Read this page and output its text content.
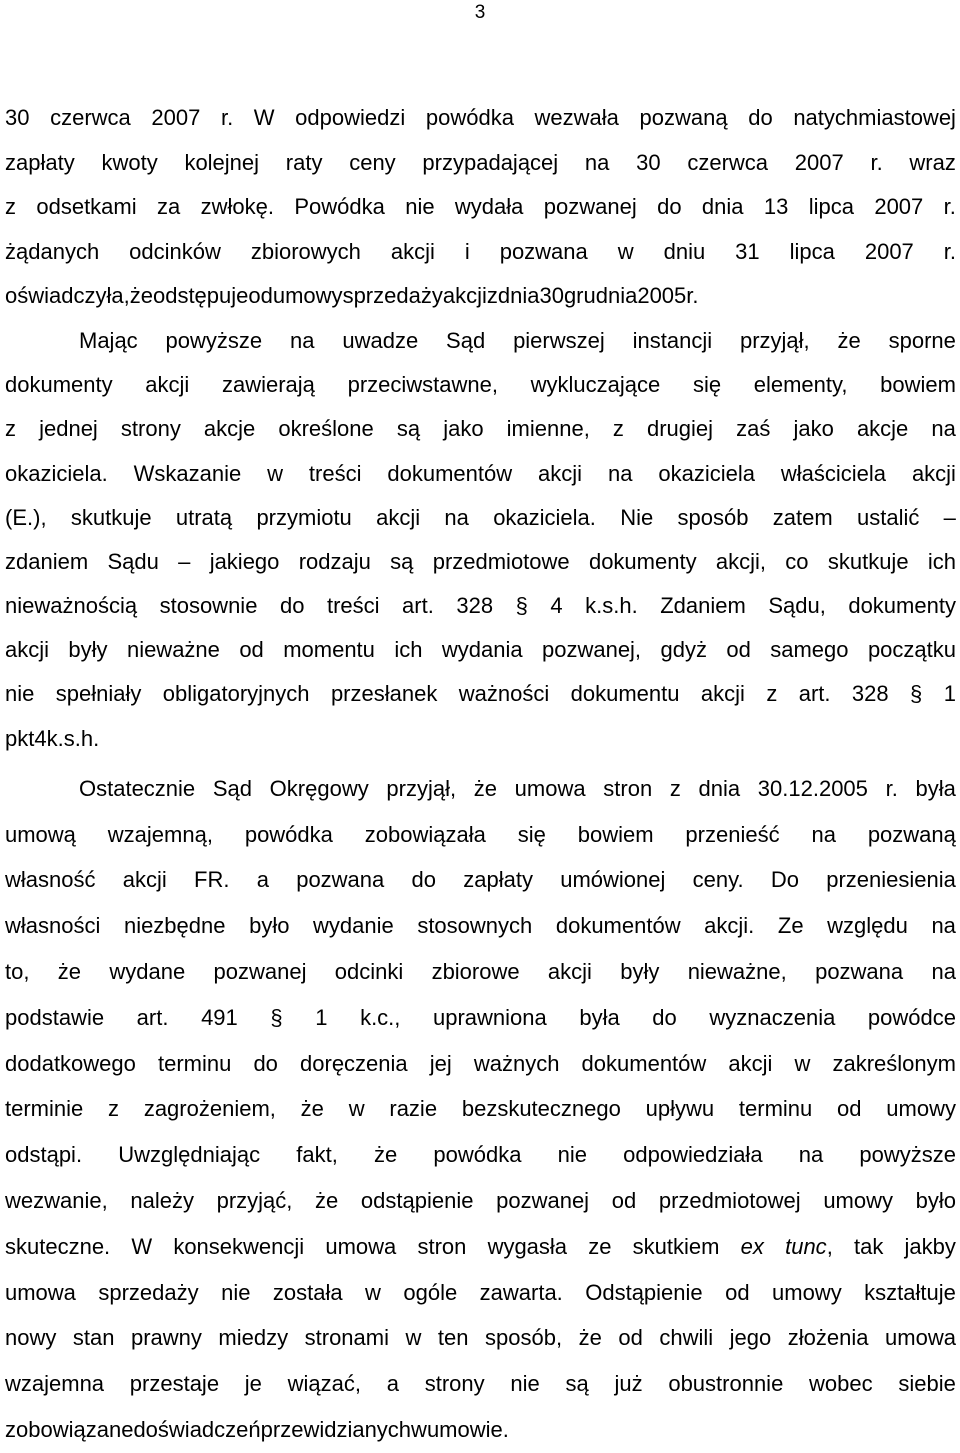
3
30 czerwca 2007 r. W odpowiedzi powódka wezwała pozwaną do natychmiastowej
zapłaty kwoty kolejnej raty ceny przypadającej na 30 czerwca 2007 r. wraz
z odsetkami za zwłokę. Powódka nie wydała pozwanej do dnia 13 lipca 2007 r.
żądanych odcinków zbiorowych akcji i pozwana w dniu 31 lipca 2007 r.
oświadczyła, że odstępuje od umowy sprzedaży akcji z dnia 30 grudnia 2005 r.
Mając powyższe na uwadze Sąd pierwszej instancji przyjął, że sporne
dokumenty akcji zawierają przeciwstawne, wykluczające się elementy, bowiem
z jednej strony akcje określone są jako imienne, z drugiej zaś jako akcje na
okaziciela. Wskazanie w treści dokumentów akcji na okaziciela właściciela akcji
(E.), skutkuje utratą przymiotu akcji na okaziciela. Nie sposób zatem ustalić –
zdaniem Sądu – jakiego rodzaju są przedmiotowe dokumenty akcji, co skutkuje ich
nieważnością stosownie do treści art. 328 § 4 k.s.h. Zdaniem Sądu, dokumenty
akcji były nieważne od momentu ich wydania pozwanej, gdyż od samego początku
nie spełniały obligatoryjnych przesłanek ważności dokumentu akcji z art. 328 § 1
pkt 4 k.s.h.
Ostatecznie Sąd Okręgowy przyjął, że umowa stron z dnia 30.12.2005 r. była
umową wzajemną, powódka zobowiązała się bowiem przenieść na pozwaną
własność akcji FR. a pozwana do zapłaty umówionej ceny. Do przeniesienia
własności niezbędne było wydanie stosownych dokumentów akcji. Ze względu na
to, że wydane pozwanej odcinki zbiorowe akcji były nieważne, pozwana na
podstawie art. 491 § 1 k.c., uprawniona była do wyznaczenia powódce
dodatkowego terminu do doręczenia jej ważnych dokumentów akcji w zakreślonym
terminie z zagrożeniem, że w razie bezskutecznego upływu terminu od umowy
odstąpi. Uwzględniając fakt, że powódka nie odpowiedziała na powyższe
wezwanie, należy przyjąć, że odstąpienie pozwanej od przedmiotowej umowy było
skuteczne. W konsekwencji umowa stron wygasła ze skutkiem ex tunc, tak jakby
umowa sprzedaży nie została w ogóle zawarta. Odstąpienie od umowy kształtuje
nowy stan prawny miedzy stronami w ten sposób, że od chwili jego złożenia umowa
wzajemna przestaje je wiązać, a strony nie są już obustronnie wobec siebie
zobowiązane do świadczeń przewidzianych w umowie.
